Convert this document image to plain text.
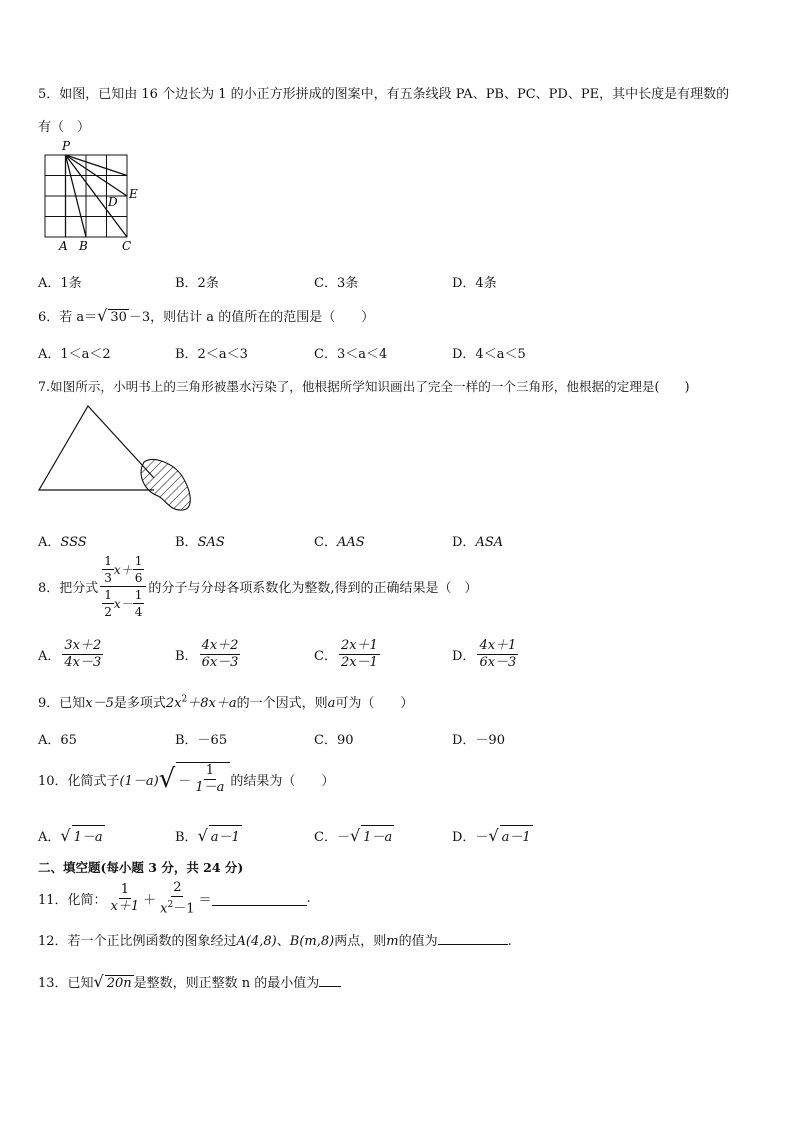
5．如图，已知由 16 个边长为 1 的小正方形拼成的图案中，有五条线段 PA、PB、PC、PD、PE，其中长度是有理数的
有（　）
P
A B	C
D
E
A．1条	B．2条	C．3条	D．4条
6．若 a＝√ 30 －3，则估计 a 的值所在的范围是（　　）
A．1＜a＜2	B．2＜a＜3	C．3＜a＜4	D．4＜a＜5
7.如图所示，小明书上的三角形被墨水污染了，他根据所学知识画出了完全一样的一个三角形，他根据的定理是(　　)
A．SSS	B．SAS	C．AAS	D．ASA
8．把分式 $\frac{\frac{1}{3} x+ \frac{1}{6}}{\frac{1}{2} x- \frac{1}{4}}$ 的分子与分母各项系数化为整数,得到的正确结果是（　）
A． $\frac{3x+2}{4x-3}$	B． $\frac{4x+2}{6x-3}$	C． $\frac{2x+1}{2x-1}$	D． $\frac{4x+1}{6x-3}$
9．已知x－5是多项式$2x^2+8x+a$的一个因式，则a可为（　　）
A．65	B．－65	C．90	D．－90
10．化简式子 (1－a) √ － $\frac{1}{1-a}$ 的结果为（　　）
A．√ 1－a	B．√ a－1	C．－√ 1－a	D．－√ a－1
二、填空题(每小题 3 分，共 24 分)
11．化简： $\frac{1}{x+1} + \frac{2}{x^2-1}$ ＝	.
12．若一个正比例函数的图象经过A(4,8)、B(m,8)两点，则m的值为	.
13．已知√ 20n 是整数，则正整数 n 的最小值为
